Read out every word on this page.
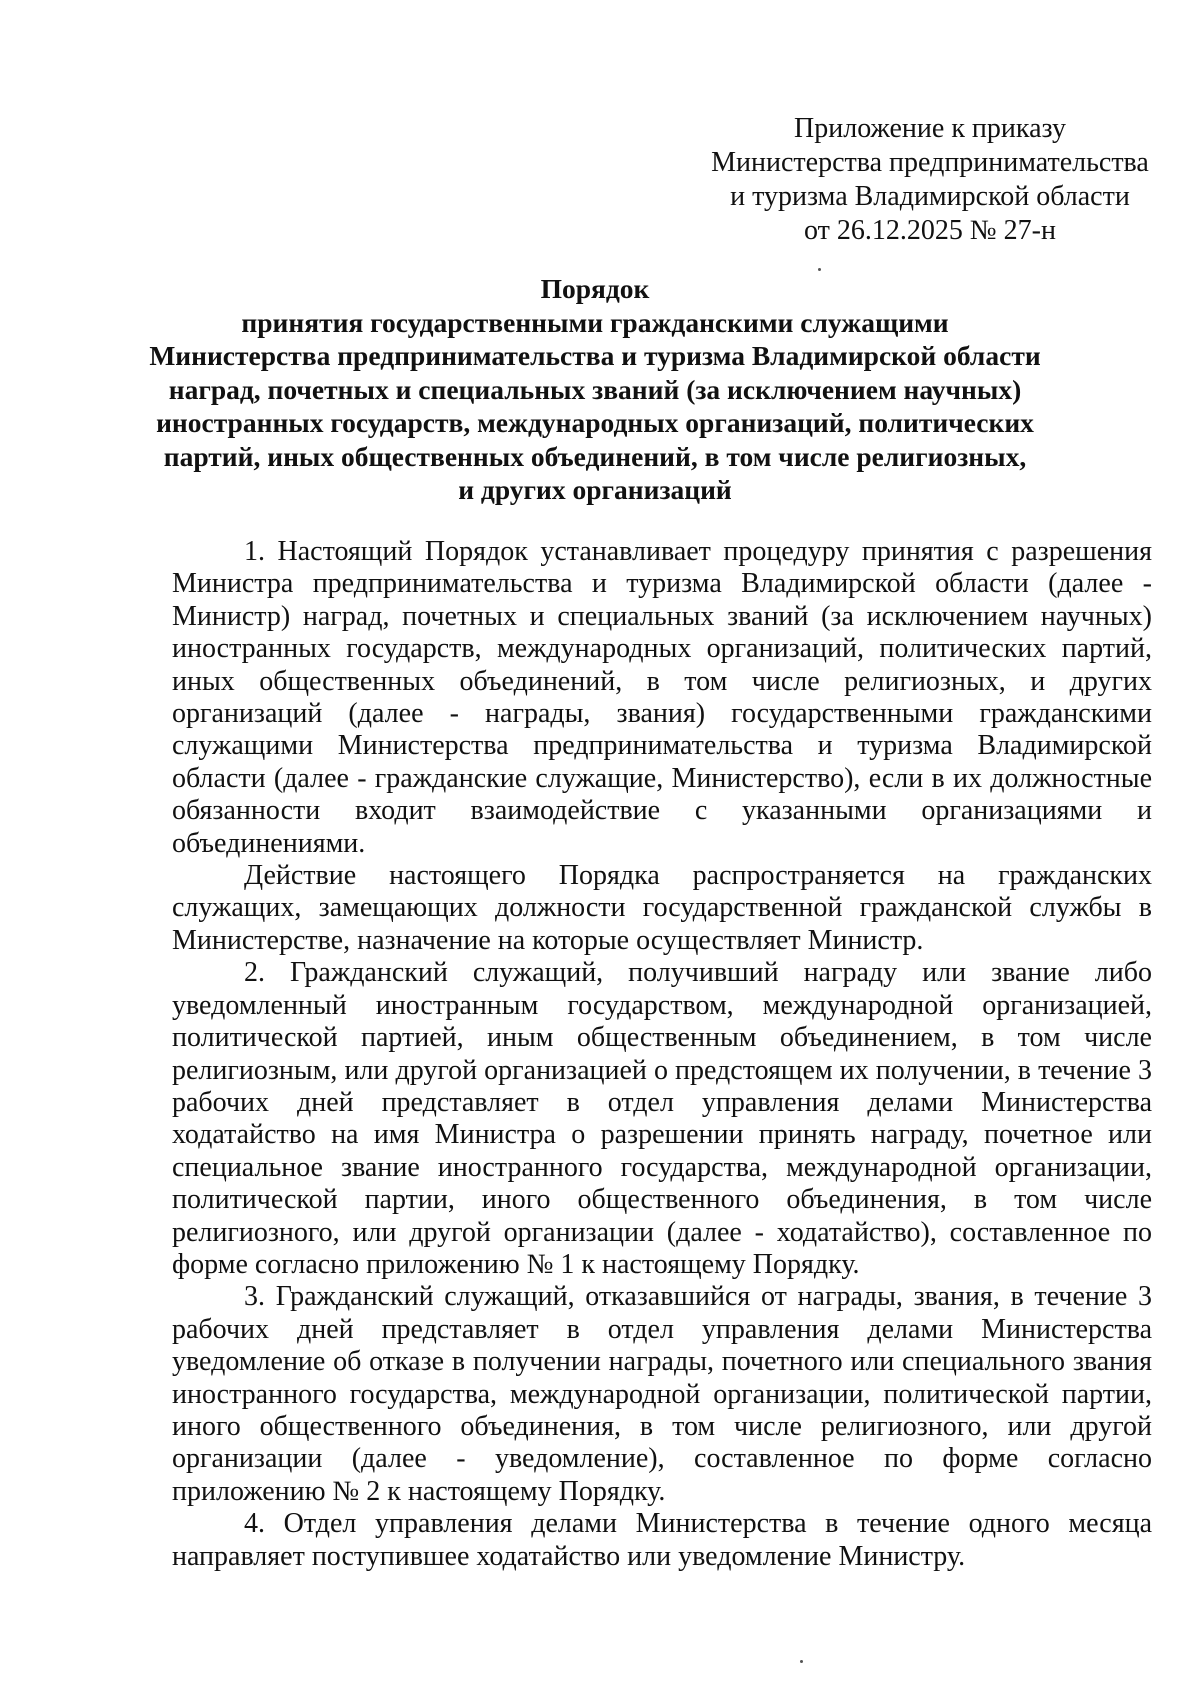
Приложение к приказу
Министерства предпринимательства
и туризма Владимирской области
от 26.12.2025 № 27-н
Порядок
принятия государственными гражданскими служащими
Министерства предпринимательства и туризма Владимирской области
наград, почетных и специальных званий (за исключением научных)
иностранных государств, международных организаций, политических
партий, иных общественных объединений, в том числе религиозных,
и других организаций

1. Настоящий Порядок устанавливает процедуру принятия с разрешения Министра предпринимательства и туризма Владимирской области (далее - Министр) наград, почетных и специальных званий (за исключением научных) иностранных государств, международных организаций, политических партий, иных общественных объединений, в том числе религиозных, и других организаций (далее - награды, звания) государственными гражданскими служащими Министерства предпринимательства и туризма Владимирской области (далее - гражданские служащие, Министерство), если в их должностные обязанности входит взаимодействие с указанными организациями и объединениями.

Действие настоящего Порядка распространяется на гражданских служащих, замещающих должности государственной гражданской службы в Министерстве, назначение на которые осуществляет Министр.

2. Гражданский служащий, получивший награду или звание либо уведомленный иностранным государством, международной организацией, политической партией, иным общественным объединением, в том числе религиозным, или другой организацией о предстоящем их получении, в течение 3 рабочих дней представляет в отдел управления делами Министерства ходатайство на имя Министра о разрешении принять награду, почетное или специальное звание иностранного государства, международной организации, политической партии, иного общественного объединения, в том числе религиозного, или другой организации (далее - ходатайство), составленное по форме согласно приложению № 1 к настоящему Порядку.

3. Гражданский служащий, отказавшийся от награды, звания, в течение 3 рабочих дней представляет в отдел управления делами Министерства уведомление об отказе в получении награды, почетного или специального звания иностранного государства, международной организации, политической партии, иного общественного объединения, в том числе религиозного, или другой организации (далее - уведомление), составленное по форме согласно приложению № 2 к настоящему Порядку.

4. Отдел управления делами Министерства в течение одного месяца направляет поступившее ходатайство или уведомление Министру.
